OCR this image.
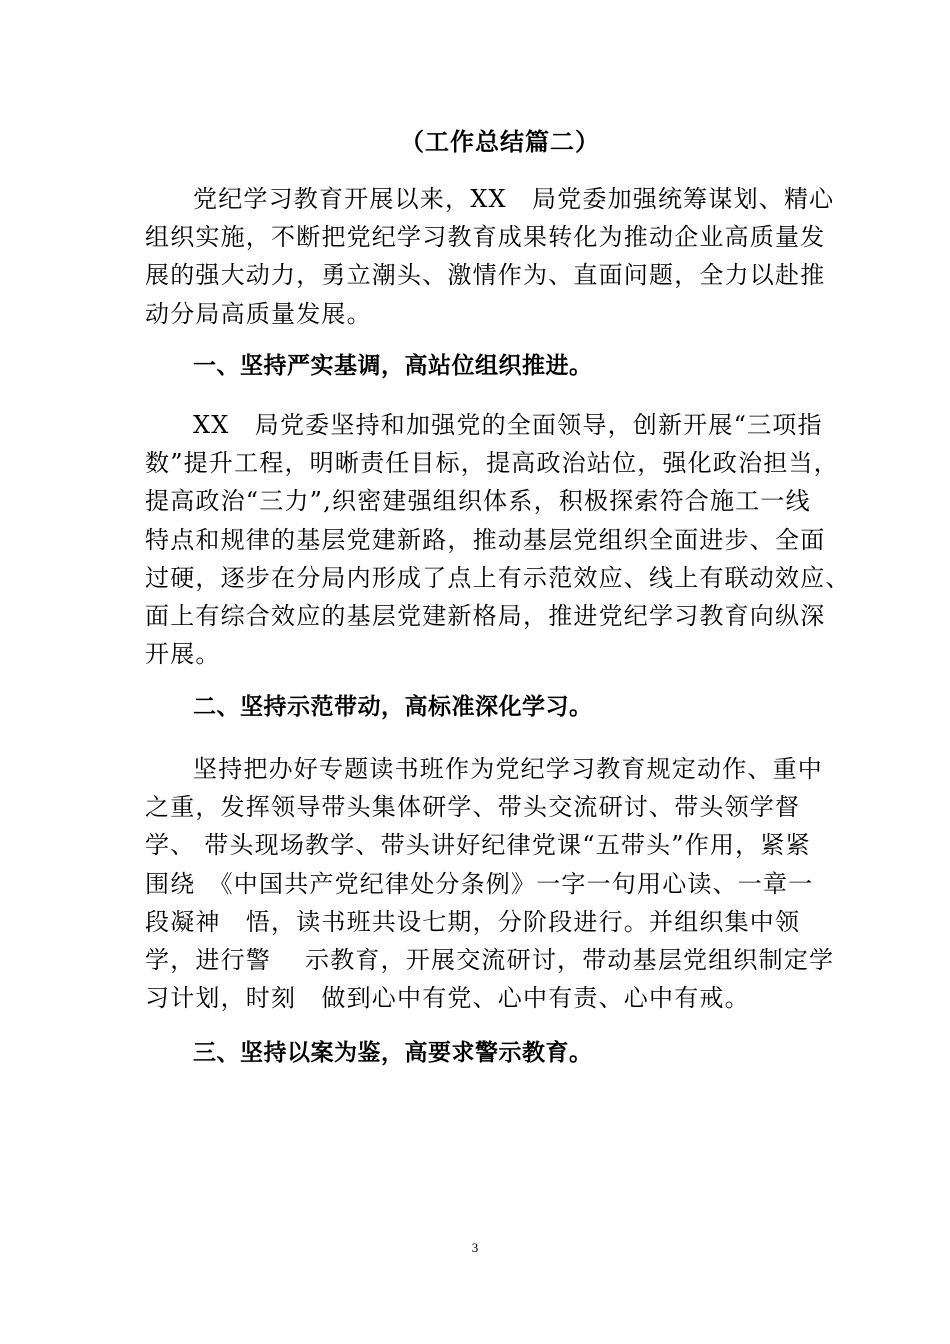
（工作总结篇二）
党纪学习教育开展以来，XX　局党委加强统筹谋划、精心
组织实施，不断把党纪学习教育成果转化为推动企业高质量发
展的强大动力，勇立潮头、激情作为、直面问题，全力以赴推
动分局高质量发展。
一、坚持严实基调，高站位组织推进。
XX　局党委坚持和加强党的全面领导，创新开展“三项指
数”提升工程，明晰责任目标，提高政治站位，强化政治担当，
提高政治“三力”,织密建强组织体系，积极探索符合施工一线
特点和规律的基层党建新路，推动基层党组织全面进步、全面
过硬，逐步在分局内形成了点上有示范效应、线上有联动效应、
面上有综合效应的基层党建新格局，推进党纪学习教育向纵深
开展。
二、坚持示范带动，高标准深化学习。
坚持把办好专题读书班作为党纪学习教育规定动作、重中
之重，发挥领导带头集体研学、带头交流研讨、带头领学督
学、 带头现场教学、带头讲好纪律党课“五带头”作用，紧紧
围绕　《中国共产党纪律处分条例》一字一句用心读、一章一
段凝神　悟，读书班共设七期，分阶段进行。并组织集中领
学，进行警　 示教育，开展交流研讨，带动基层党组织制定学
习计划，时刻　做到心中有党、心中有责、心中有戒。
三、坚持以案为鉴，高要求警示教育。
3
